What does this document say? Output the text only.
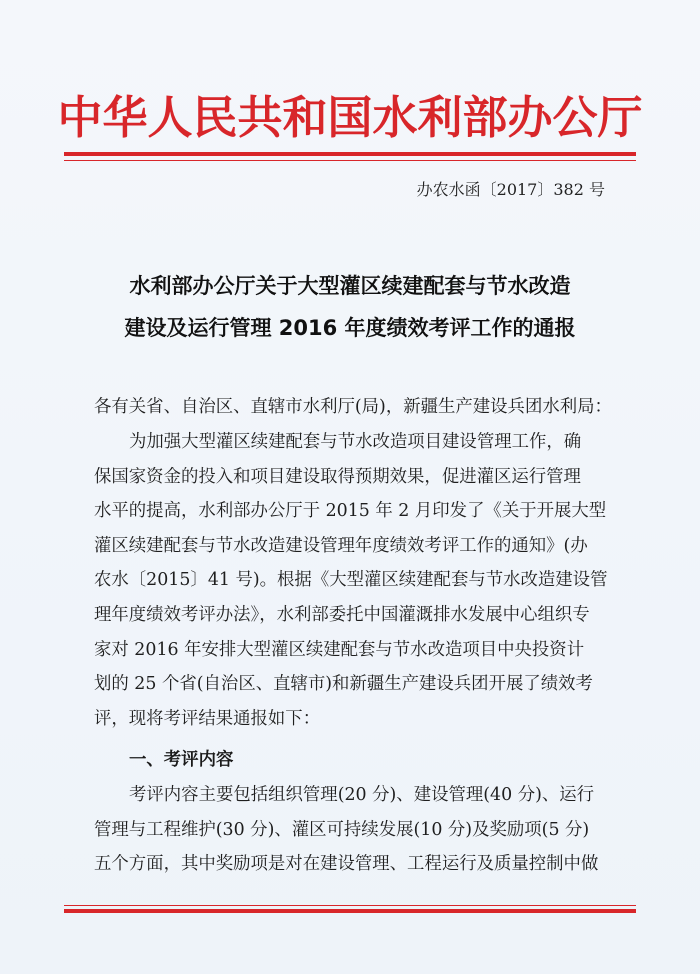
中华人民共和国水利部办公厅
办农水函〔2017〕382 号
水利部办公厅关于大型灌区续建配套与节水改造
建设及运行管理 2016 年度绩效考评工作的通报
各有关省、自治区、直辖市水利厅(局)，新疆生产建设兵团水利局：
为加强大型灌区续建配套与节水改造项目建设管理工作，确
保国家资金的投入和项目建设取得预期效果，促进灌区运行管理
水平的提高，水利部办公厅于 2015 年 2 月印发了《关于开展大型
灌区续建配套与节水改造建设管理年度绩效考评工作的通知》(办
农水〔2015〕41 号)。根据《大型灌区续建配套与节水改造建设管
理年度绩效考评办法》，水利部委托中国灌溉排水发展中心组织专
家对 2016 年安排大型灌区续建配套与节水改造项目中央投资计
划的 25 个省(自治区、直辖市)和新疆生产建设兵团开展了绩效考
评，现将考评结果通报如下：
一、考评内容
考评内容主要包括组织管理(20 分)、建设管理(40 分)、运行
管理与工程维护(30 分)、灌区可持续发展(10 分)及奖励项(5 分)
五个方面，其中奖励项是对在建设管理、工程运行及质量控制中做
